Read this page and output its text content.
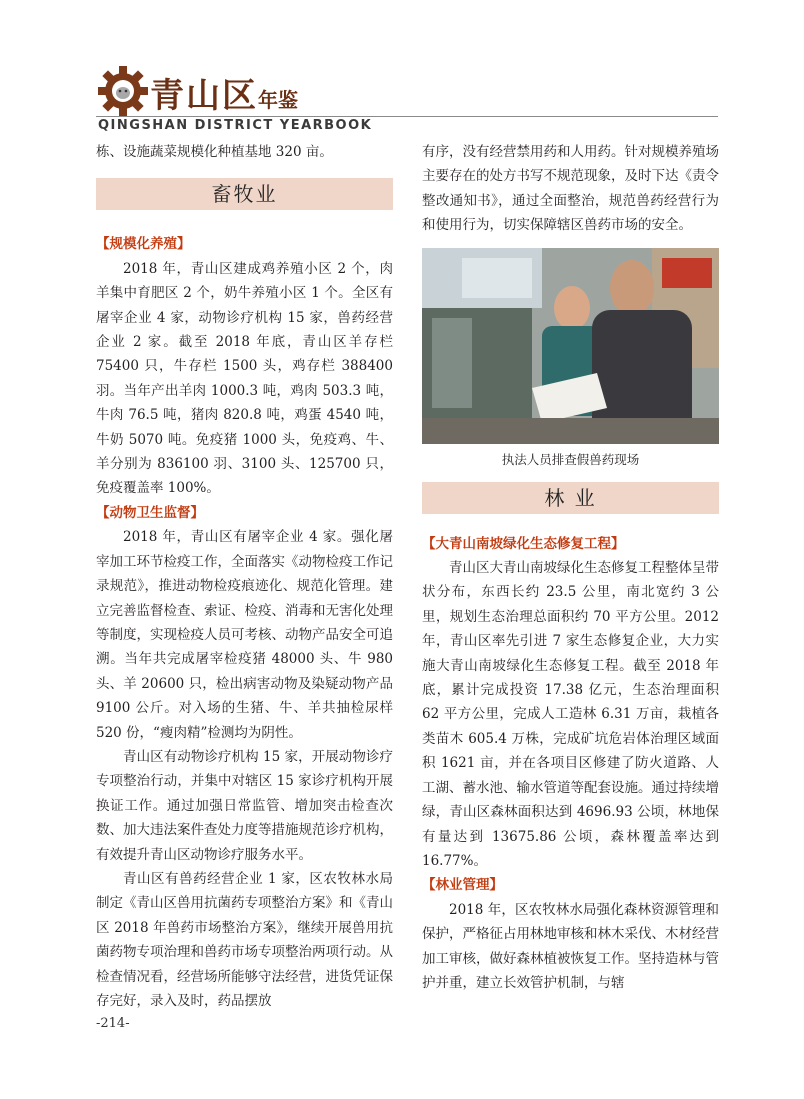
青山区年鉴
QINGSHAN DISTRICT YEARBOOK

栋、设施蔬菜规模化种植基地 320 亩。

畜牧业

【规模化养殖】

2018 年，青山区建成鸡养殖小区 2 个，肉羊集中育肥区 2 个，奶牛养殖小区 1 个。全区有屠宰企业 4 家，动物诊疗机构 15 家，兽药经营企业 2 家。截至 2018 年底，青山区羊存栏 75400 只，牛存栏 1500 头，鸡存栏 388400 羽。当年产出羊肉 1000.3 吨，鸡肉 503.3 吨，牛肉 76.5 吨，猪肉 820.8 吨，鸡蛋 4540 吨，牛奶 5070 吨。免疫猪 1000 头，免疫鸡、牛、羊分别为 836100 羽、3100 头、125700 只，免疫覆盖率 100%。

【动物卫生监督】

2018 年，青山区有屠宰企业 4 家。强化屠宰加工环节检疫工作，全面落实《动物检疫工作记录规范》，推进动物检疫痕迹化、规范化管理。建立完善监督检查、索证、检疫、消毒和无害化处理等制度，实现检疫人员可考核、动物产品安全可追溯。当年共完成屠宰检疫猪 48000 头、牛 980 头、羊 20600 只，检出病害动物及染疑动物产品 9100 公斤。对入场的生猪、牛、羊共抽检尿样 520 份，“瘦肉精”检测均为阴性。

青山区有动物诊疗机构 15 家，开展动物诊疗专项整治行动，并集中对辖区 15 家诊疗机构开展换证工作。通过加强日常监管、增加突击检查次数、加大违法案件查处力度等措施规范诊疗机构，有效提升青山区动物诊疗服务水平。

青山区有兽药经营企业 1 家，区农牧林水局制定《青山区兽用抗菌药专项整治方案》和《青山区 2018 年兽药市场整治方案》，继续开展兽用抗菌药物专项治理和兽药市场专项整治两项行动。从检查情况看，经营场所能够守法经营，进货凭证保存完好，录入及时，药品摆放

有序，没有经营禁用药和人用药。针对规模养殖场主要存在的处方书写不规范现象，及时下达《责令整改通知书》，通过全面整治，规范兽药经营行为和使用行为，切实保障辖区兽药市场的安全。

执法人员排查假兽药现场
林 业

【大青山南坡绿化生态修复工程】

青山区大青山南坡绿化生态修复工程整体呈带状分布，东西长约 23.5 公里，南北宽约 3 公里，规划生态治理总面积约 70 平方公里。2012 年，青山区率先引进 7 家生态修复企业，大力实施大青山南坡绿化生态修复工程。截至 2018 年底，累计完成投资 17.38 亿元，生态治理面积 62 平方公里，完成人工造林 6.31 万亩，栽植各类苗木 605.4 万株，完成矿坑危岩体治理区域面积 1621 亩，并在各项目区修建了防火道路、人工湖、蓄水池、输水管道等配套设施。通过持续增绿，青山区森林面积达到 4696.93 公顷，林地保有量达到 13675.86 公顷，森林覆盖率达到 16.77%。

【林业管理】

2018 年，区农牧林水局强化森林资源管理和保护，严格征占用林地审核和林木采伐、木材经营加工审核，做好森林植被恢复工作。坚持造林与管护并重，建立长效管护机制，与辖

-214-
